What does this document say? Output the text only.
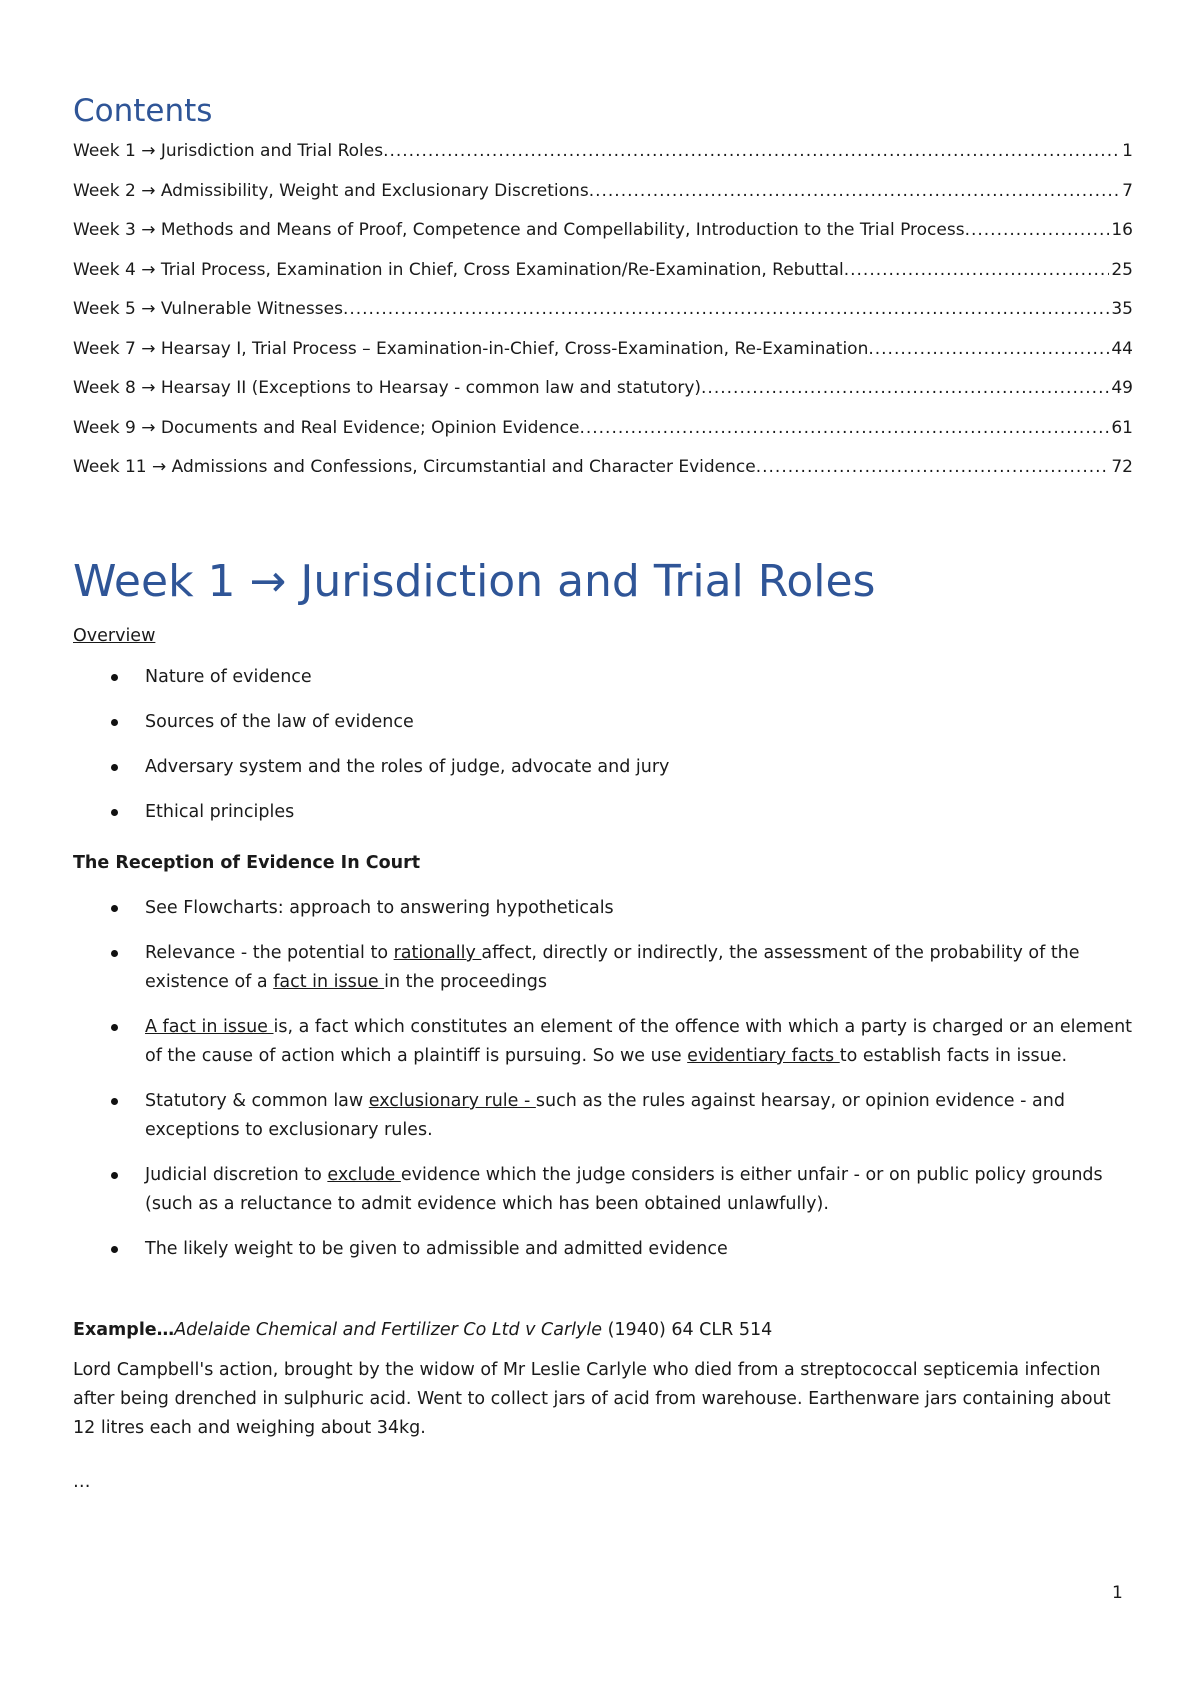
Contents
Week 1 → Jurisdiction and Trial Roles .....	1
Week 2 → Admissibility, Weight and Exclusionary Discretions .....	7
Week 3 → Methods and Means of Proof, Competence and Compellability, Introduction to the Trial Process .....	16
Week 4 → Trial Process, Examination in Chief, Cross Examination/Re-Examination, Rebuttal .....	25
Week 5 → Vulnerable Witnesses .....	35
Week 7 → Hearsay I, Trial Process – Examination-in-Chief, Cross-Examination, Re-Examination .....	44
Week 8 → Hearsay II (Exceptions to Hearsay - common law and statutory) .....	49
Week 9 → Documents and Real Evidence; Opinion Evidence .....	61
Week 11 → Admissions and Confessions, Circumstantial and Character Evidence .....	72
Week 1 → Jurisdiction and Trial Roles
Overview
Nature of evidence
Sources of the law of evidence
Adversary system and the roles of judge, advocate and jury
Ethical principles
The Reception of Evidence In Court
See Flowcharts: approach to answering hypotheticals
Relevance - the potential to rationally affect, directly or indirectly, the assessment of the probability of the existence of a fact in issue in the proceedings
A fact in issue is, a fact which constitutes an element of the offence with which a party is charged or an element of the cause of action which a plaintiff is pursuing. So we use evidentiary facts to establish facts in issue.
Statutory & common law exclusionary rule - such as the rules against hearsay, or opinion evidence - and exceptions to exclusionary rules.
Judicial discretion to exclude evidence which the judge considers is either unfair - or on public policy grounds (such as a reluctance to admit evidence which has been obtained unlawfully).
The likely weight to be given to admissible and admitted evidence
Example…Adelaide Chemical and Fertilizer Co Ltd v Carlyle (1940) 64 CLR 514

Lord Campbell's action, brought by the widow of Mr Leslie Carlyle who died from a streptococcal septicemia infection after being drenched in sulphuric acid. Went to collect jars of acid from warehouse. Earthenware jars containing about 12 litres each and weighing about 34kg.

…
1
